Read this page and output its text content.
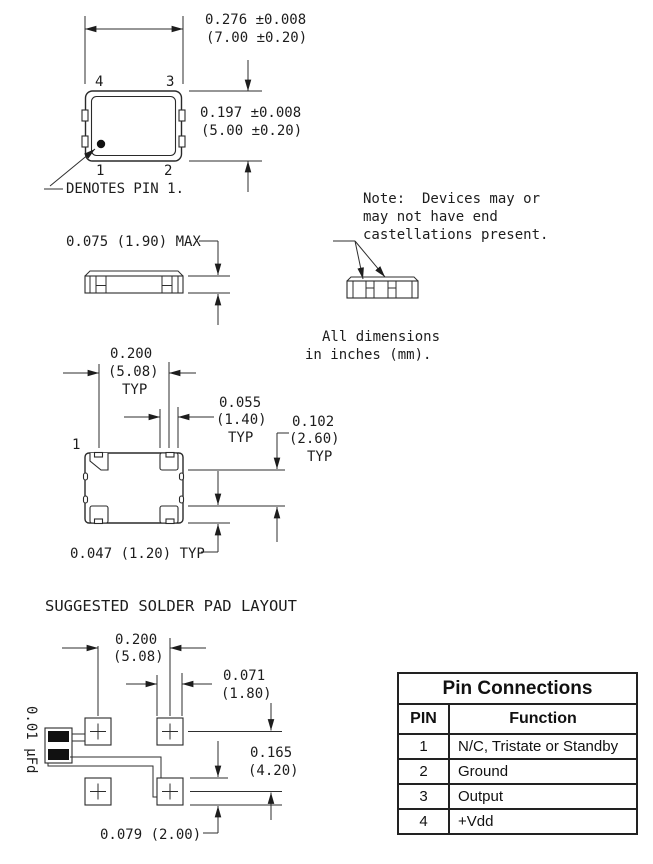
0.276 ±0.008
(7.00 ±0.20)
4	3
1	2
DENOTES PIN 1.
0.197 ±0.008
(5.00 ±0.20)
0.075 (1.90) MAX
Note:  Devices may or
may not have end
castellations present.
All dimensions
in inches (mm).
1
0.200
(5.08)
TYP
0.055
(1.40)
TYP
0.102
(2.60)
TYP
0.047 (1.20) TYP
SUGGESTED SOLDER PAD LAYOUT
0.200
(5.08)
0.071
(1.80)
0.01 µFd	0.165
(4.20)
0.079 (2.00)
Pin Connections
PIN	Function
1	N/C, Tristate or Standby
2	Ground
3	Output
4	+Vdd
